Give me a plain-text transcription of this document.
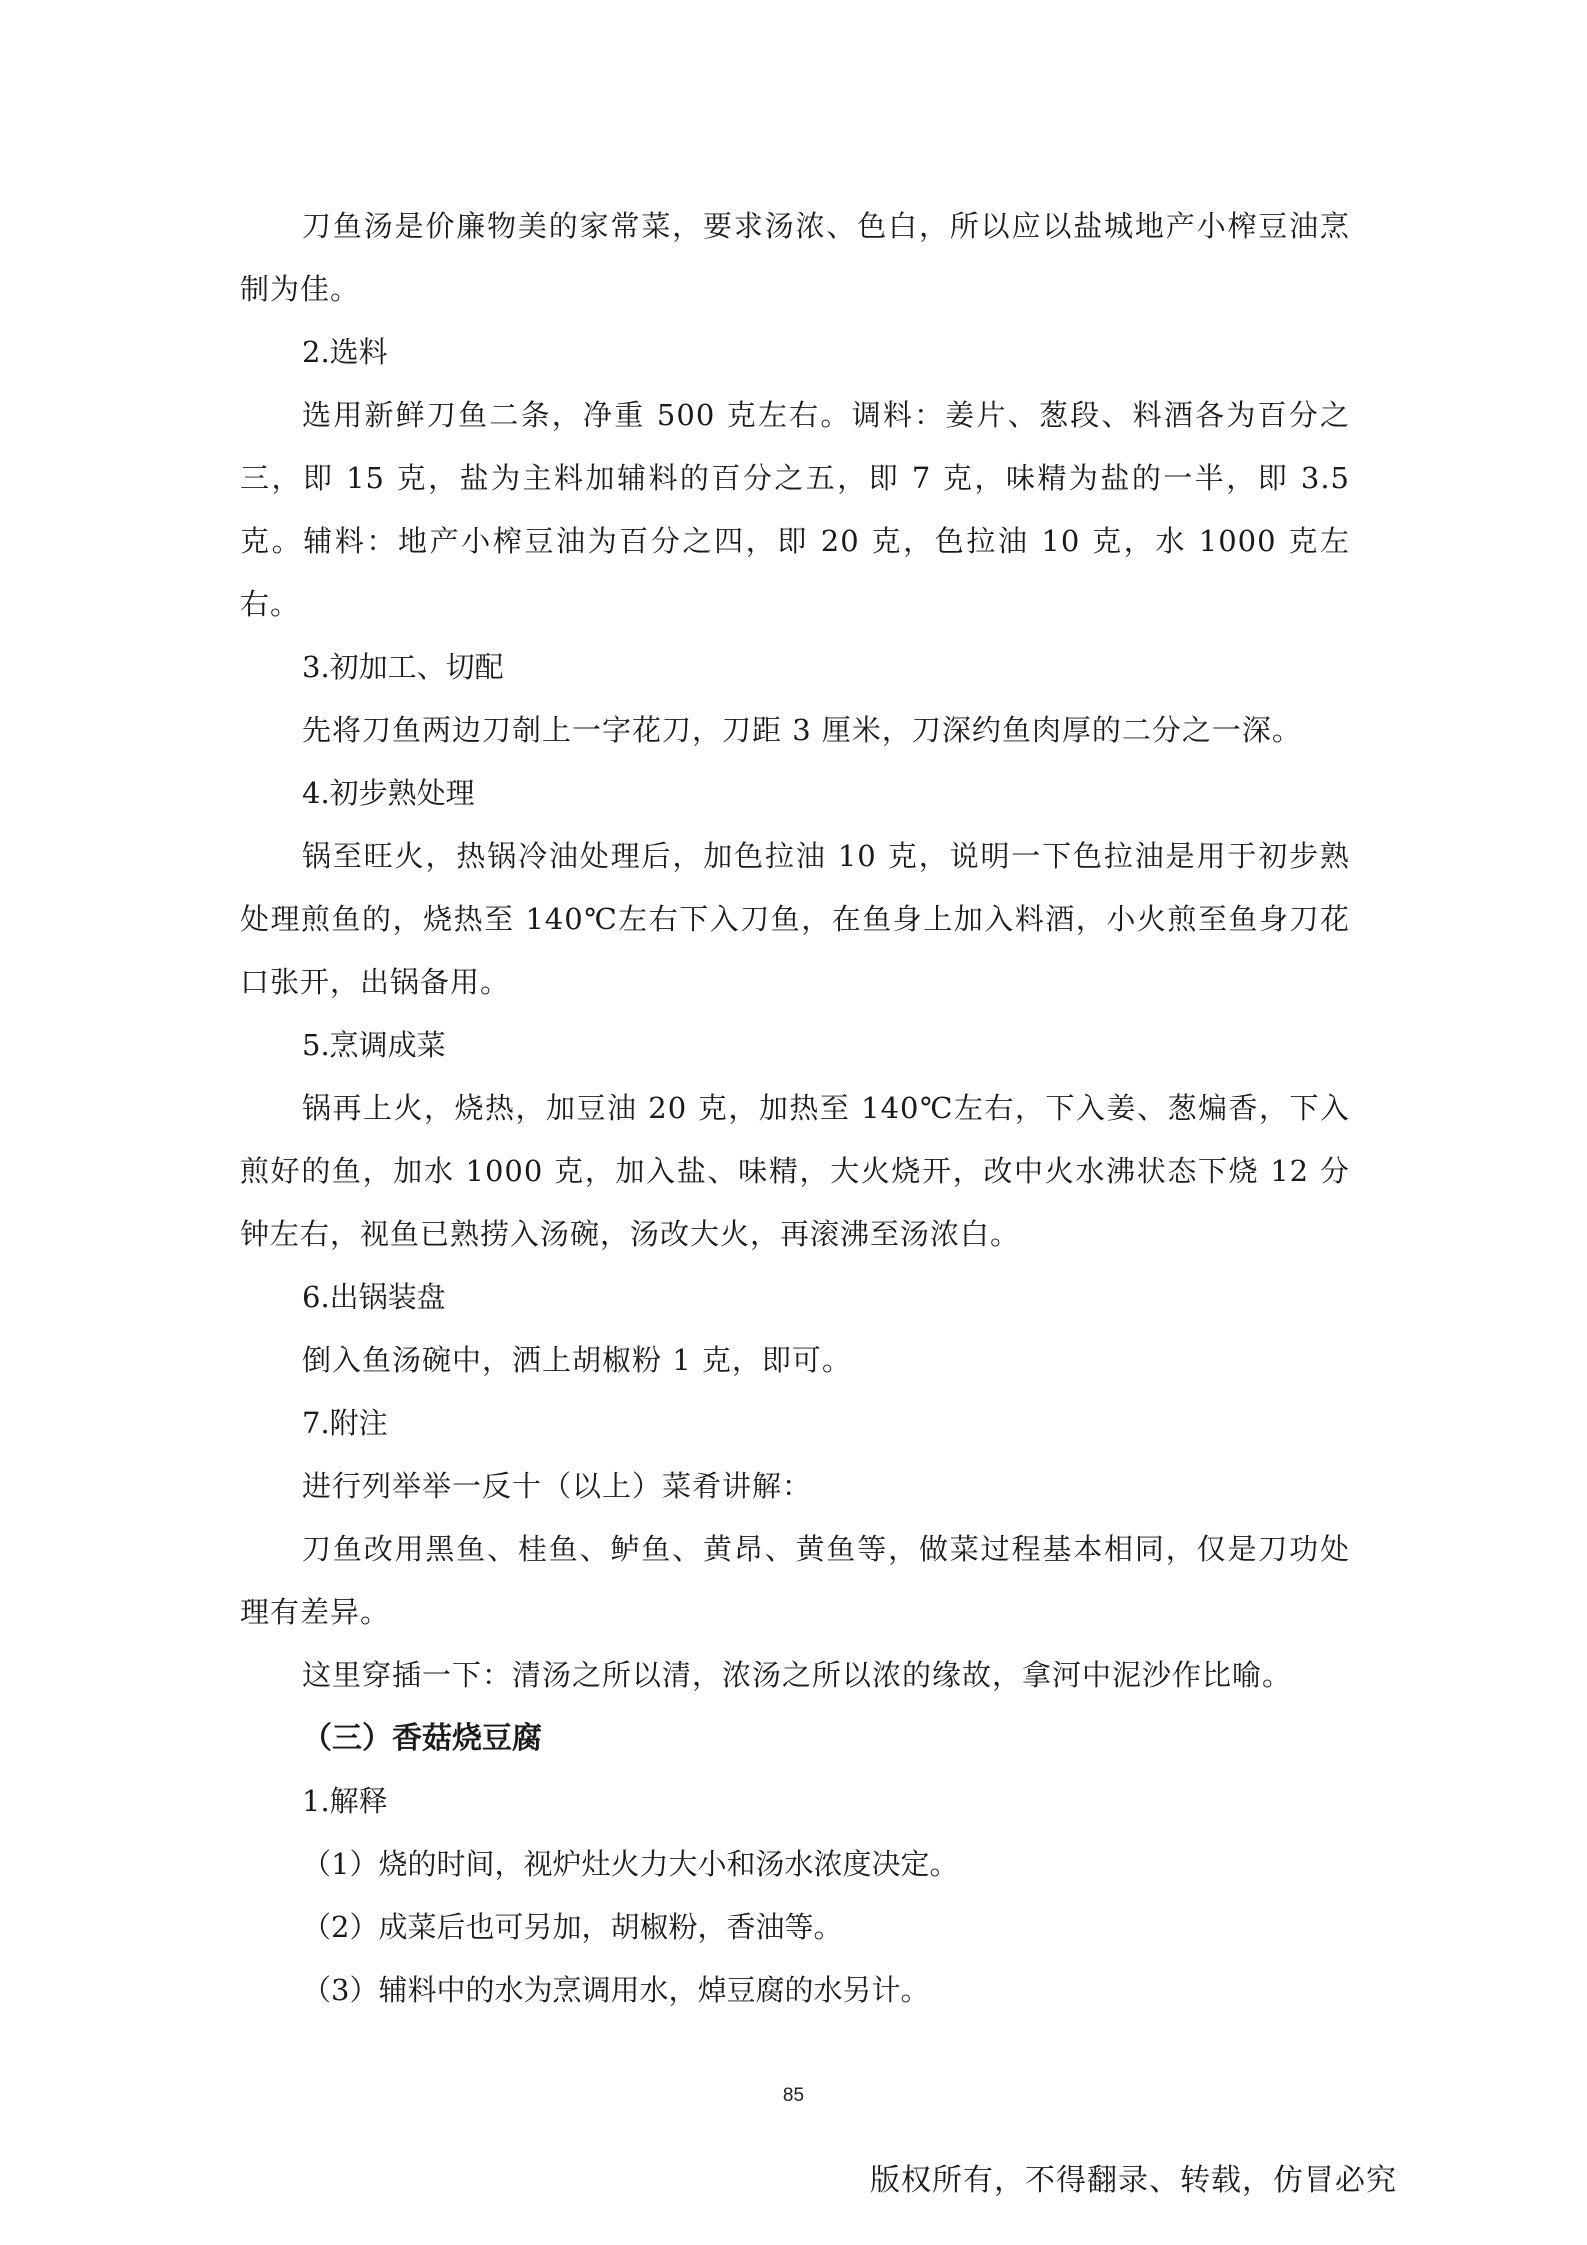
刀鱼汤是价廉物美的家常菜，要求汤浓、色白，所以应以盐城地产小榨豆油烹制为佳。

2.选料

选用新鲜刀鱼二条，净重 500 克左右。调料：姜片、葱段、料酒各为百分之三，即 15 克，盐为主料加辅料的百分之五，即 7 克，味精为盐的一半，即 3.5 克。辅料：地产小榨豆油为百分之四，即 20 克，色拉油 10 克，水 1000 克左右。

3.初加工、切配

先将刀鱼两边刀剞上一字花刀，刀距 3 厘米，刀深约鱼肉厚的二分之一深。

4.初步熟处理

锅至旺火，热锅冷油处理后，加色拉油 10 克，说明一下色拉油是用于初步熟处理煎鱼的，烧热至 140℃左右下入刀鱼，在鱼身上加入料酒，小火煎至鱼身刀花口张开，出锅备用。

5.烹调成菜

锅再上火，烧热，加豆油 20 克，加热至 140℃左右，下入姜、葱煸香，下入煎好的鱼，加水 1000 克，加入盐、味精，大火烧开，改中火水沸状态下烧 12 分钟左右，视鱼已熟捞入汤碗，汤改大火，再滚沸至汤浓白。

6.出锅装盘

倒入鱼汤碗中，洒上胡椒粉 1 克，即可。

7.附注

进行列举举一反十（以上）菜肴讲解：

刀鱼改用黑鱼、桂鱼、鲈鱼、黄昂、黄鱼等，做菜过程基本相同，仅是刀功处理有差异。

这里穿插一下：清汤之所以清，浓汤之所以浓的缘故，拿河中泥沙作比喻。

（三）香菇烧豆腐

1.解释

（1）烧的时间，视炉灶火力大小和汤水浓度决定。

（2）成菜后也可另加，胡椒粉，香油等。

（3）辅料中的水为烹调用水，焯豆腐的水另计。

85
版权所有，不得翻录、转载，仿冒必究
